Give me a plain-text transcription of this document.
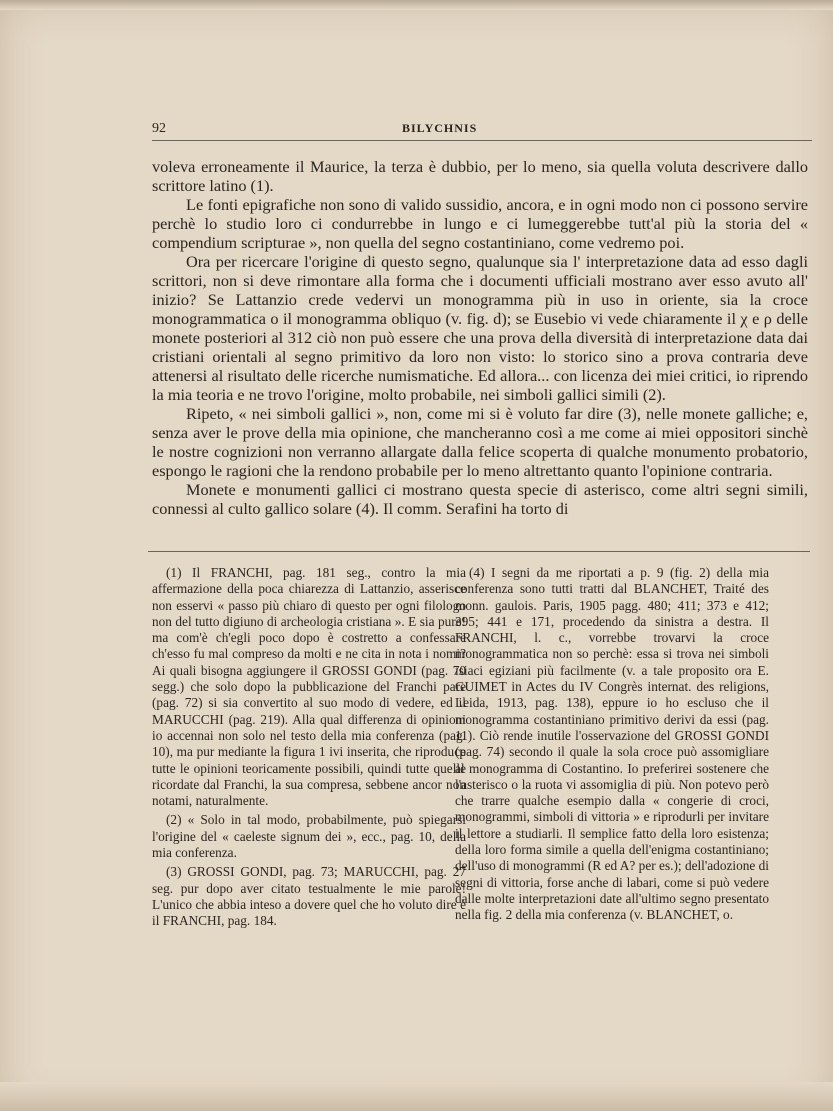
92	BILYCHNIS

voleva erroneamente il Maurice, la terza è dubbio, per lo meno, sia quella voluta descrivere dallo scrittore latino (1).

Le fonti epigrafiche non sono di valido sussidio, ancora, e in ogni modo non ci possono servire perchè lo studio loro ci condurrebbe in lungo e ci lumeggerebbe tutt'al più la storia del « compendium scripturae », non quella del segno costantiniano, come vedremo poi.

Ora per ricercare l'origine di questo segno, qualunque sia l' interpretazione data ad esso dagli scrittori, non si deve rimontare alla forma che i documenti ufficiali mostrano aver esso avuto all' inizio? Se Lattanzio crede vedervi un monogramma più in uso in oriente, sia la croce monogrammatica o il monogramma obliquo (v. fig. d); se Eusebio vi vede chiaramente il χ e ρ delle monete posteriori al 312 ciò non può essere che una prova della diversità di interpretazione data dai cristiani orientali al segno primitivo da loro non visto: lo storico sino a prova contraria deve attenersi al risultato delle ricerche numismatiche. Ed allora... con licenza dei miei critici, io riprendo la mia teoria e ne trovo l'origine, molto probabile, nei simboli gallici simili (2).

Ripeto, « nei simboli gallici », non, come mi si è voluto far dire (3), nelle monete galliche; e, senza aver le prove della mia opinione, che mancheranno così a me come ai miei oppositori sinchè le nostre cognizioni non verranno allargate dalla felice scoperta di qualche monumento probatorio, espongo le ragioni che la rendono probabile per lo meno altrettanto quanto l'opinione contraria.

Monete e monumenti gallici ci mostrano questa specie di asterisco, come altri segni simili, connessi al culto gallico solare (4). Il comm. Serafini ha torto di

(1) Il FRANCHI, pag. 181 seg., contro la mia affermazione della poca chiarezza di Lattanzio, asserisce non esservi « passo più chiaro di questo per ogni filologo non del tutto digiuno di archeologia cristiana ». E sia pure! ma com'è ch'egli poco dopo è costretto a confessare ch'esso fu mal compreso da molti e ne cita in nota i nomi? Ai quali bisogna aggiungere il GROSSI GONDI (pag. 70 segg.) che solo dopo la pubblicazione del Franchi pare (pag. 72) si sia convertito al suo modo di vedere, ed il MARUCCHI (pag. 219). Alla qual differenza di opinioni io accennai non solo nel testo della mia conferenza (pag. 10), ma pur mediante la figura 1 ivi inserita, che riproduce tutte le opinioni teoricamente possibili, quindi tutte quelle ricordate dal Franchi, la sua compresa, sebbene ancor non notami, naturalmente.

(2) « Solo in tal modo, probabilmente, può spiegarsi l'origine del « caeleste signum dei », ecc., pag. 10, della mia conferenza.

(3) GROSSI GONDI, pag. 73; MARUCCHI, pag. 27 seg. pur dopo aver citato testualmente le mie parole! L'unico che abbia inteso a dovere quel che ho voluto dire è il FRANCHI, pag. 184.

(4) I segni da me riportati a p. 9 (fig. 2) della mia conferenza sono tutti tratti dal BLANCHET, Traité des monn. gaulois. Paris, 1905 pagg. 480; 411; 373 e 412; 395; 441 e 171, procedendo da sinistra a destra. Il FRANCHI, l. c., vorrebbe trovarvi la croce monogrammatica non so perchè: essa si trova nei simboli isiaci egiziani più facilmente (v. a tale proposito ora E. GUIMET in Actes du IV Congrès internat. des religions, Leida, 1913, pag. 138), eppure io ho escluso che il monogramma costantiniano primitivo derivi da essi (pag. 11). Ciò rende inutile l'osservazione del GROSSI GONDI (pag. 74) secondo il quale la sola croce può assomigliare al monogramma di Costantino. Io preferirei sostenere che l'asterisco o la ruota vi assomiglia di più. Non potevo però che trarre qualche esempio dalla « congerie di croci, monogrammi, simboli di vittoria » e riprodurli per invitare il lettore a studiarli. Il semplice fatto della loro esistenza; della loro forma simile a quella dell'enigma costantiniano; dell'uso di monogrammi (R ed A? per es.); dell'adozione di segni di vittoria, forse anche di labari, come si può vedere dalle molte interpretazioni date all'ultimo segno presentato nella fig. 2 della mia conferenza (v. BLANCHET, o.
